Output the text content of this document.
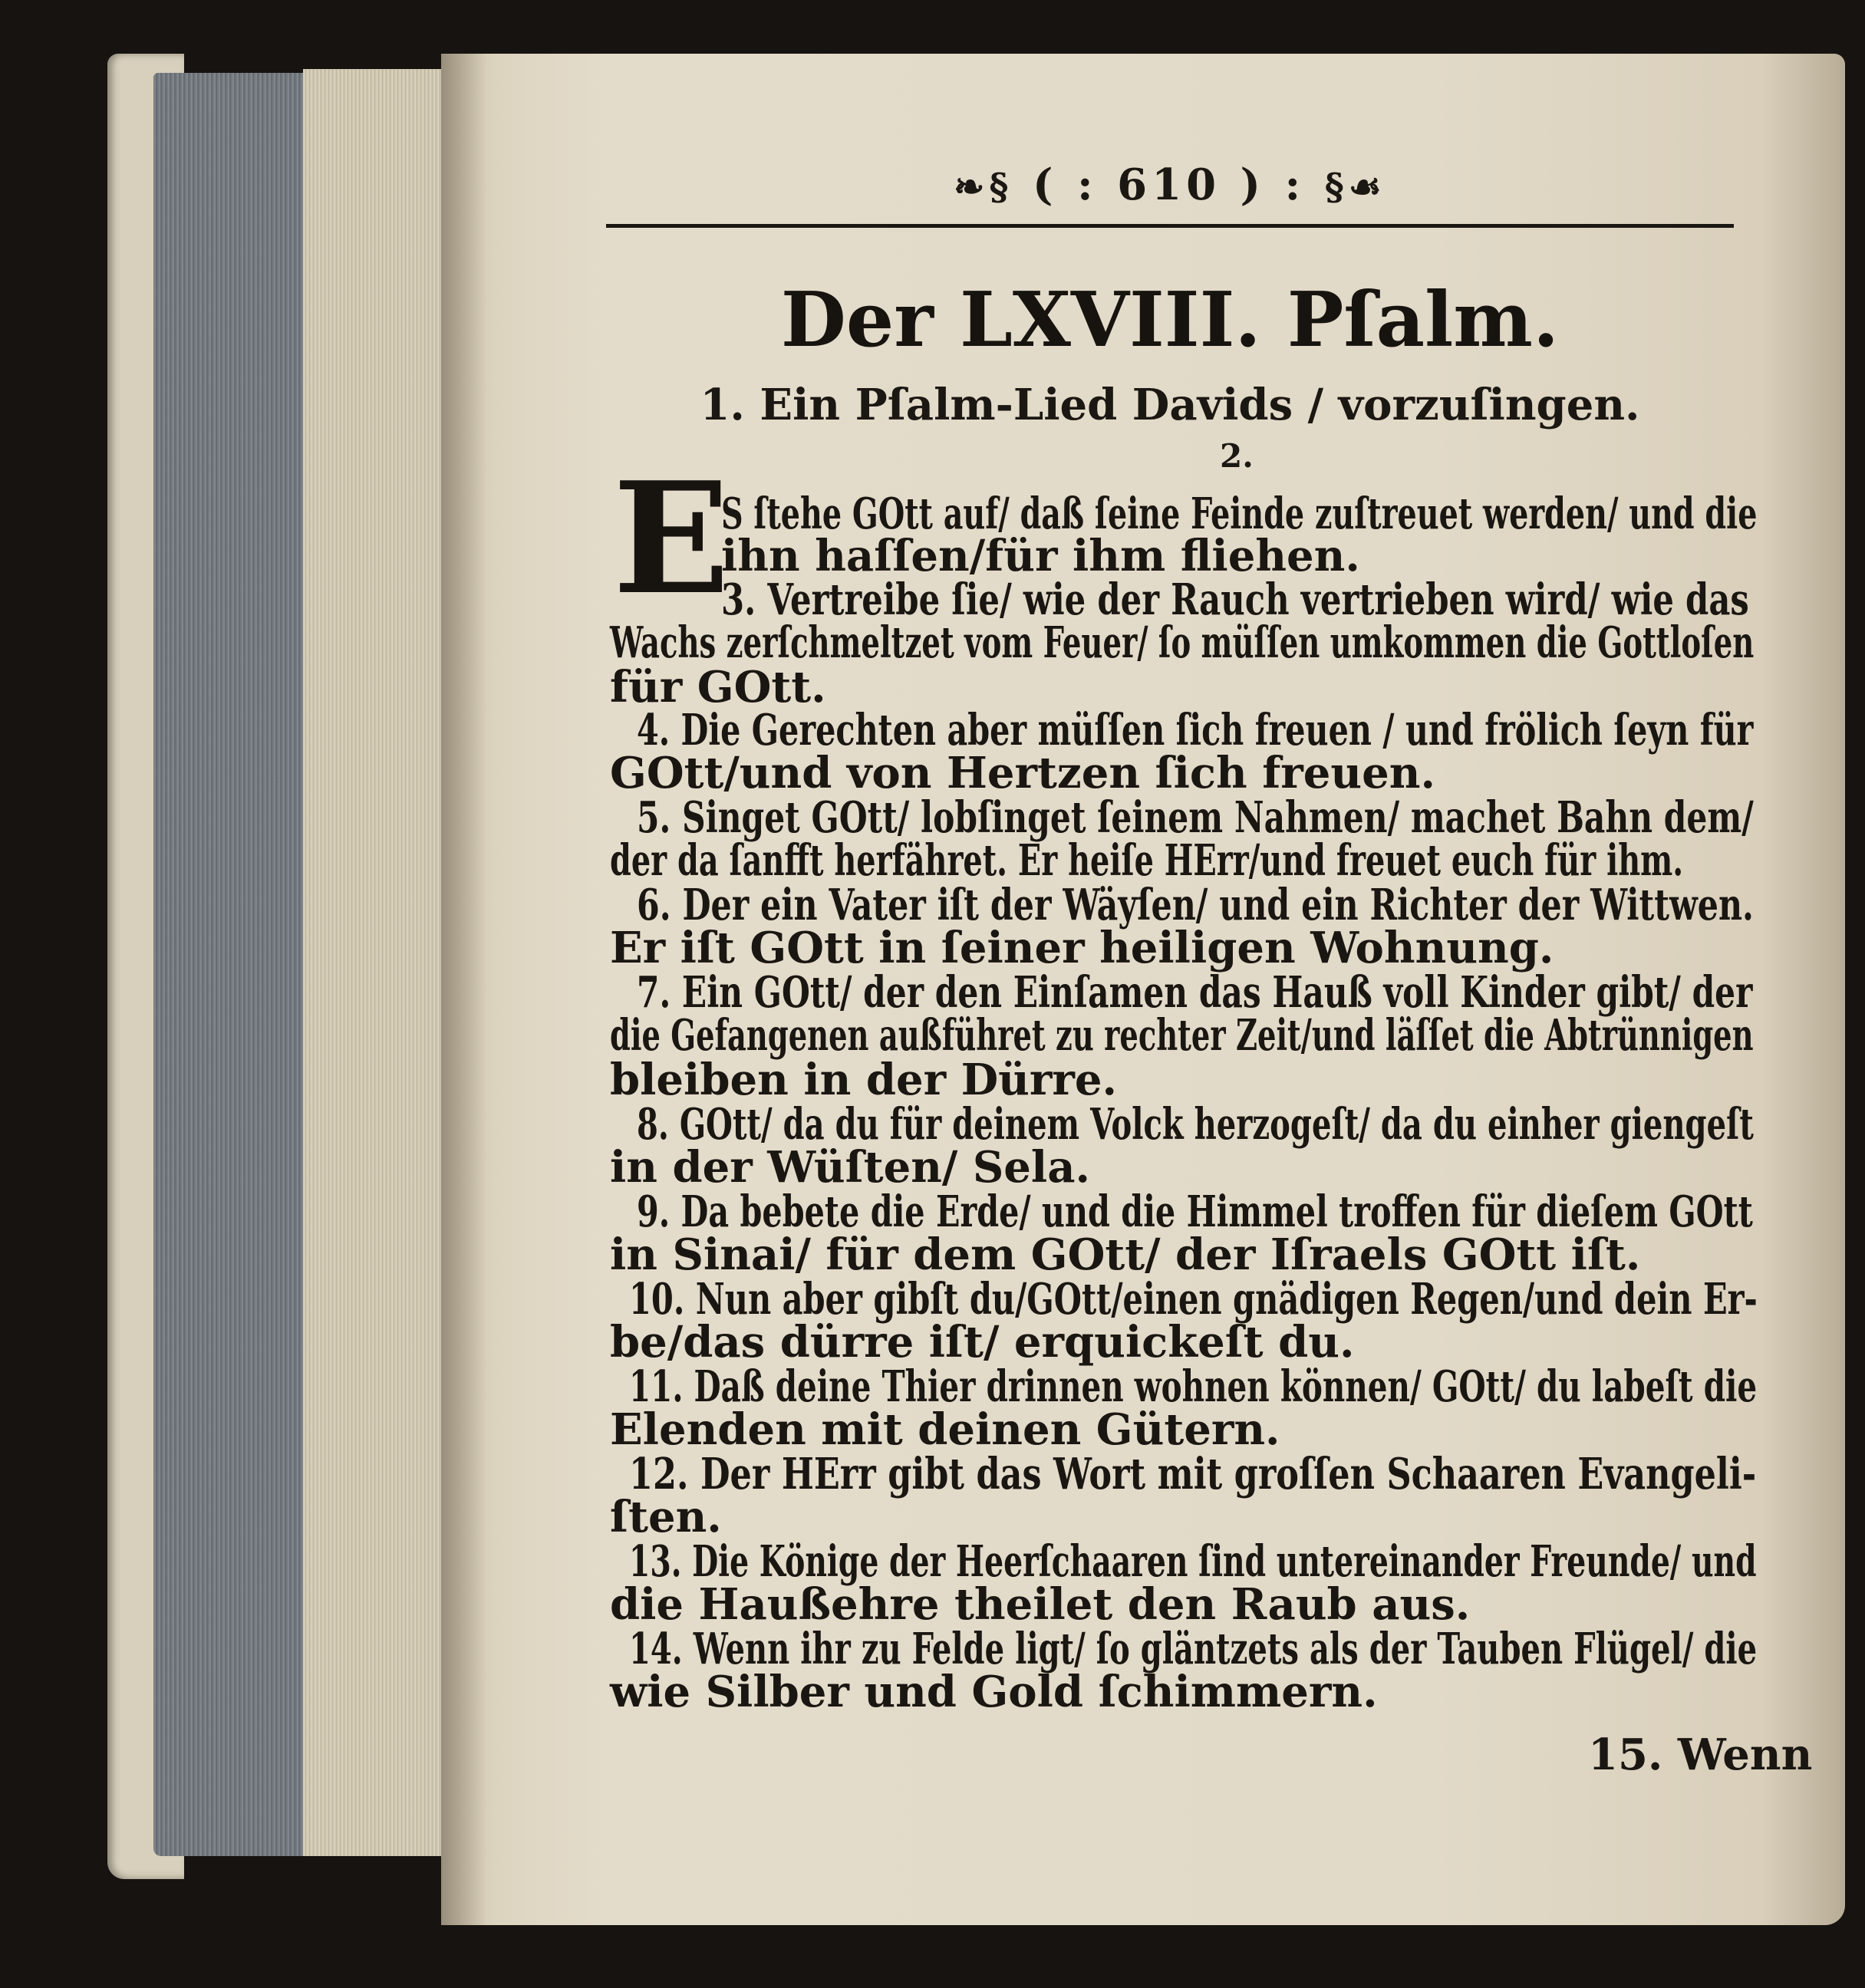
❧§ ( : 610 ) : §☙
Der LXVIII. Pſalm.
1. Ein Pſalm-Lied Davids / vorzuſingen.
2.
E
S ſtehe GOtt auf/ daß ſeine Feinde zuſtreuet werden/ und die
ihn haſſen/für ihm fliehen.
3. Vertreibe ſie/ wie der Rauch vertrieben wird/ wie das
Wachs zerſchmeltzet vom Feuer/ ſo müſſen umkommen die Gottloſen
für GOtt.
4. Die Gerechten aber müſſen ſich freuen / und frölich ſeyn für
GOtt/und von Hertzen ſich freuen.
5. Singet GOtt/ lobſinget ſeinem Nahmen/ machet Bahn dem/
der da ſanfft herfähret. Er heiſe HErr/und freuet euch für ihm.
6. Der ein Vater iſt der Wäyſen/ und ein Richter der Wittwen.
Er iſt GOtt in ſeiner heiligen Wohnung.
7. Ein GOtt/ der den Einſamen das Hauß voll Kinder gibt/ der
die Gefangenen außführet zu rechter Zeit/und läſſet die Abtrünnigen
bleiben in der Dürre.
8. GOtt/ da du für deinem Volck herzogeſt/ da du einher giengeſt
in der Wüſten/ Sela.
9. Da bebete die Erde/ und die Himmel troffen für dieſem GOtt
in Sinai/ für dem GOtt/ der Iſraels GOtt iſt.
10. Nun aber gibſt du/GOtt/einen gnädigen Regen/und dein Er-
be/das dürre iſt/ erquickeſt du.
11. Daß deine Thier drinnen wohnen können/ GOtt/ du labeſt die
Elenden mit deinen Gütern.
12. Der HErr gibt das Wort mit groſſen Schaaren Evangeli-
ſten.
13. Die Könige der Heerſchaaren ſind untereinander Freunde/ und
die Haußehre theilet den Raub aus.
14. Wenn ihr zu Felde ligt/ ſo gläntzets als der Tauben Flügel/ die
wie Silber und Gold ſchimmern.
15. Wenn
